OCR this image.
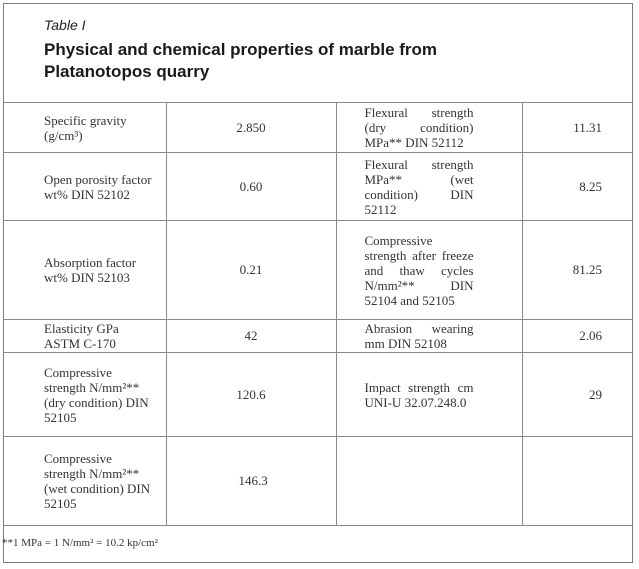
Table I

Physical and chemical properties of marble from
Platanotopos quarry

Specific gravity (g/cm³)	2.850	Flexural strength (dry condition) MPa** DIN 52112	11.31
Open porosity factor wt% DIN 52102	0.60	Flexural strength MPa** (wet condition) DIN 52112	8.25
Absorption factor wt% DIN 52103	0.21	Compressive strength after freeze and thaw cycles N/mm²** DIN 52104 and 52105	81.25
Elasticity GPa ASTM C-170	42	Abrasion wearing mm DIN 52108	2.06
Compressive strength N/mm²** (dry condition) DIN 52105	120.6	Impact strength cm UNI-U 32.07.248.0	29
Compressive strength N/mm²** (wet condition) DIN 52105	146.3		

**1 MPa = 1 N/mm² = 10.2 kp/cm²
